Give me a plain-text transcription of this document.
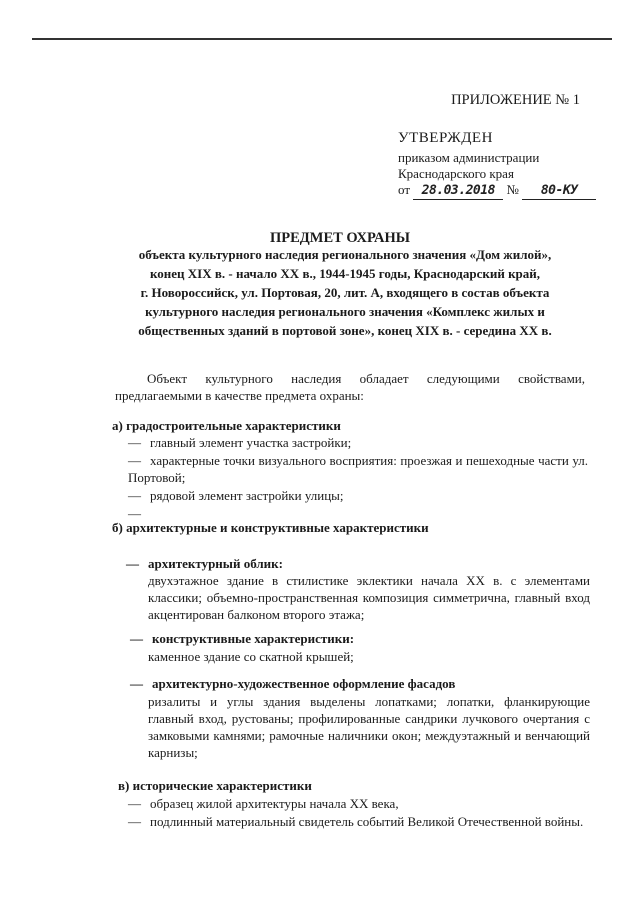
ПРИЛОЖЕНИЕ № 1
УТВЕРЖДЕН
приказом администрации
Краснодарского края
от 28.03.2018 № 80-КУ
ПРЕДМЕТ ОХРАНЫ
объекта культурного наследия регионального значения «Дом жилой»,
конец XIX в. - начало XX в., 1944-1945 годы, Краснодарский край,
г. Новороссийск, ул. Портовая, 20, лит. А, входящего в состав объекта
культурного наследия регионального значения «Комплекс жилых и
общественных зданий в портовой зоне», конец XIX в. - середина XX в.
Объект культурного наследия обладает следующими свойствами, предлагаемыми в качестве предмета охраны:
а) градостроительные характеристики
— главный элемент участка застройки;
— характерные точки визуального восприятия: проезжая и пешеходные части ул. Портовой;
— рядовой элемент застройки улицы;
—
б) архитектурные и конструктивные характеристики
— архитектурный облик:
двухэтажное здание в стилистике эклектики начала XX в. с элементами классики; объемно-пространственная композиция симметрична, главный вход акцентирован балконом второго этажа;
— конструктивные характеристики:
каменное здание со скатной крышей;
— архитектурно-художественное оформление фасадов
ризалиты и углы здания выделены лопатками; лопатки, фланкирующие главный вход, рустованы; профилированные сандрики лучкового очертания с замковыми камнями; рамочные наличники окон; междуэтажный и венчающий карнизы;
в) исторические характеристики
— образец жилой архитектуры начала XX века,
— подлинный материальный свидетель событий Великой Отечественной войны.
